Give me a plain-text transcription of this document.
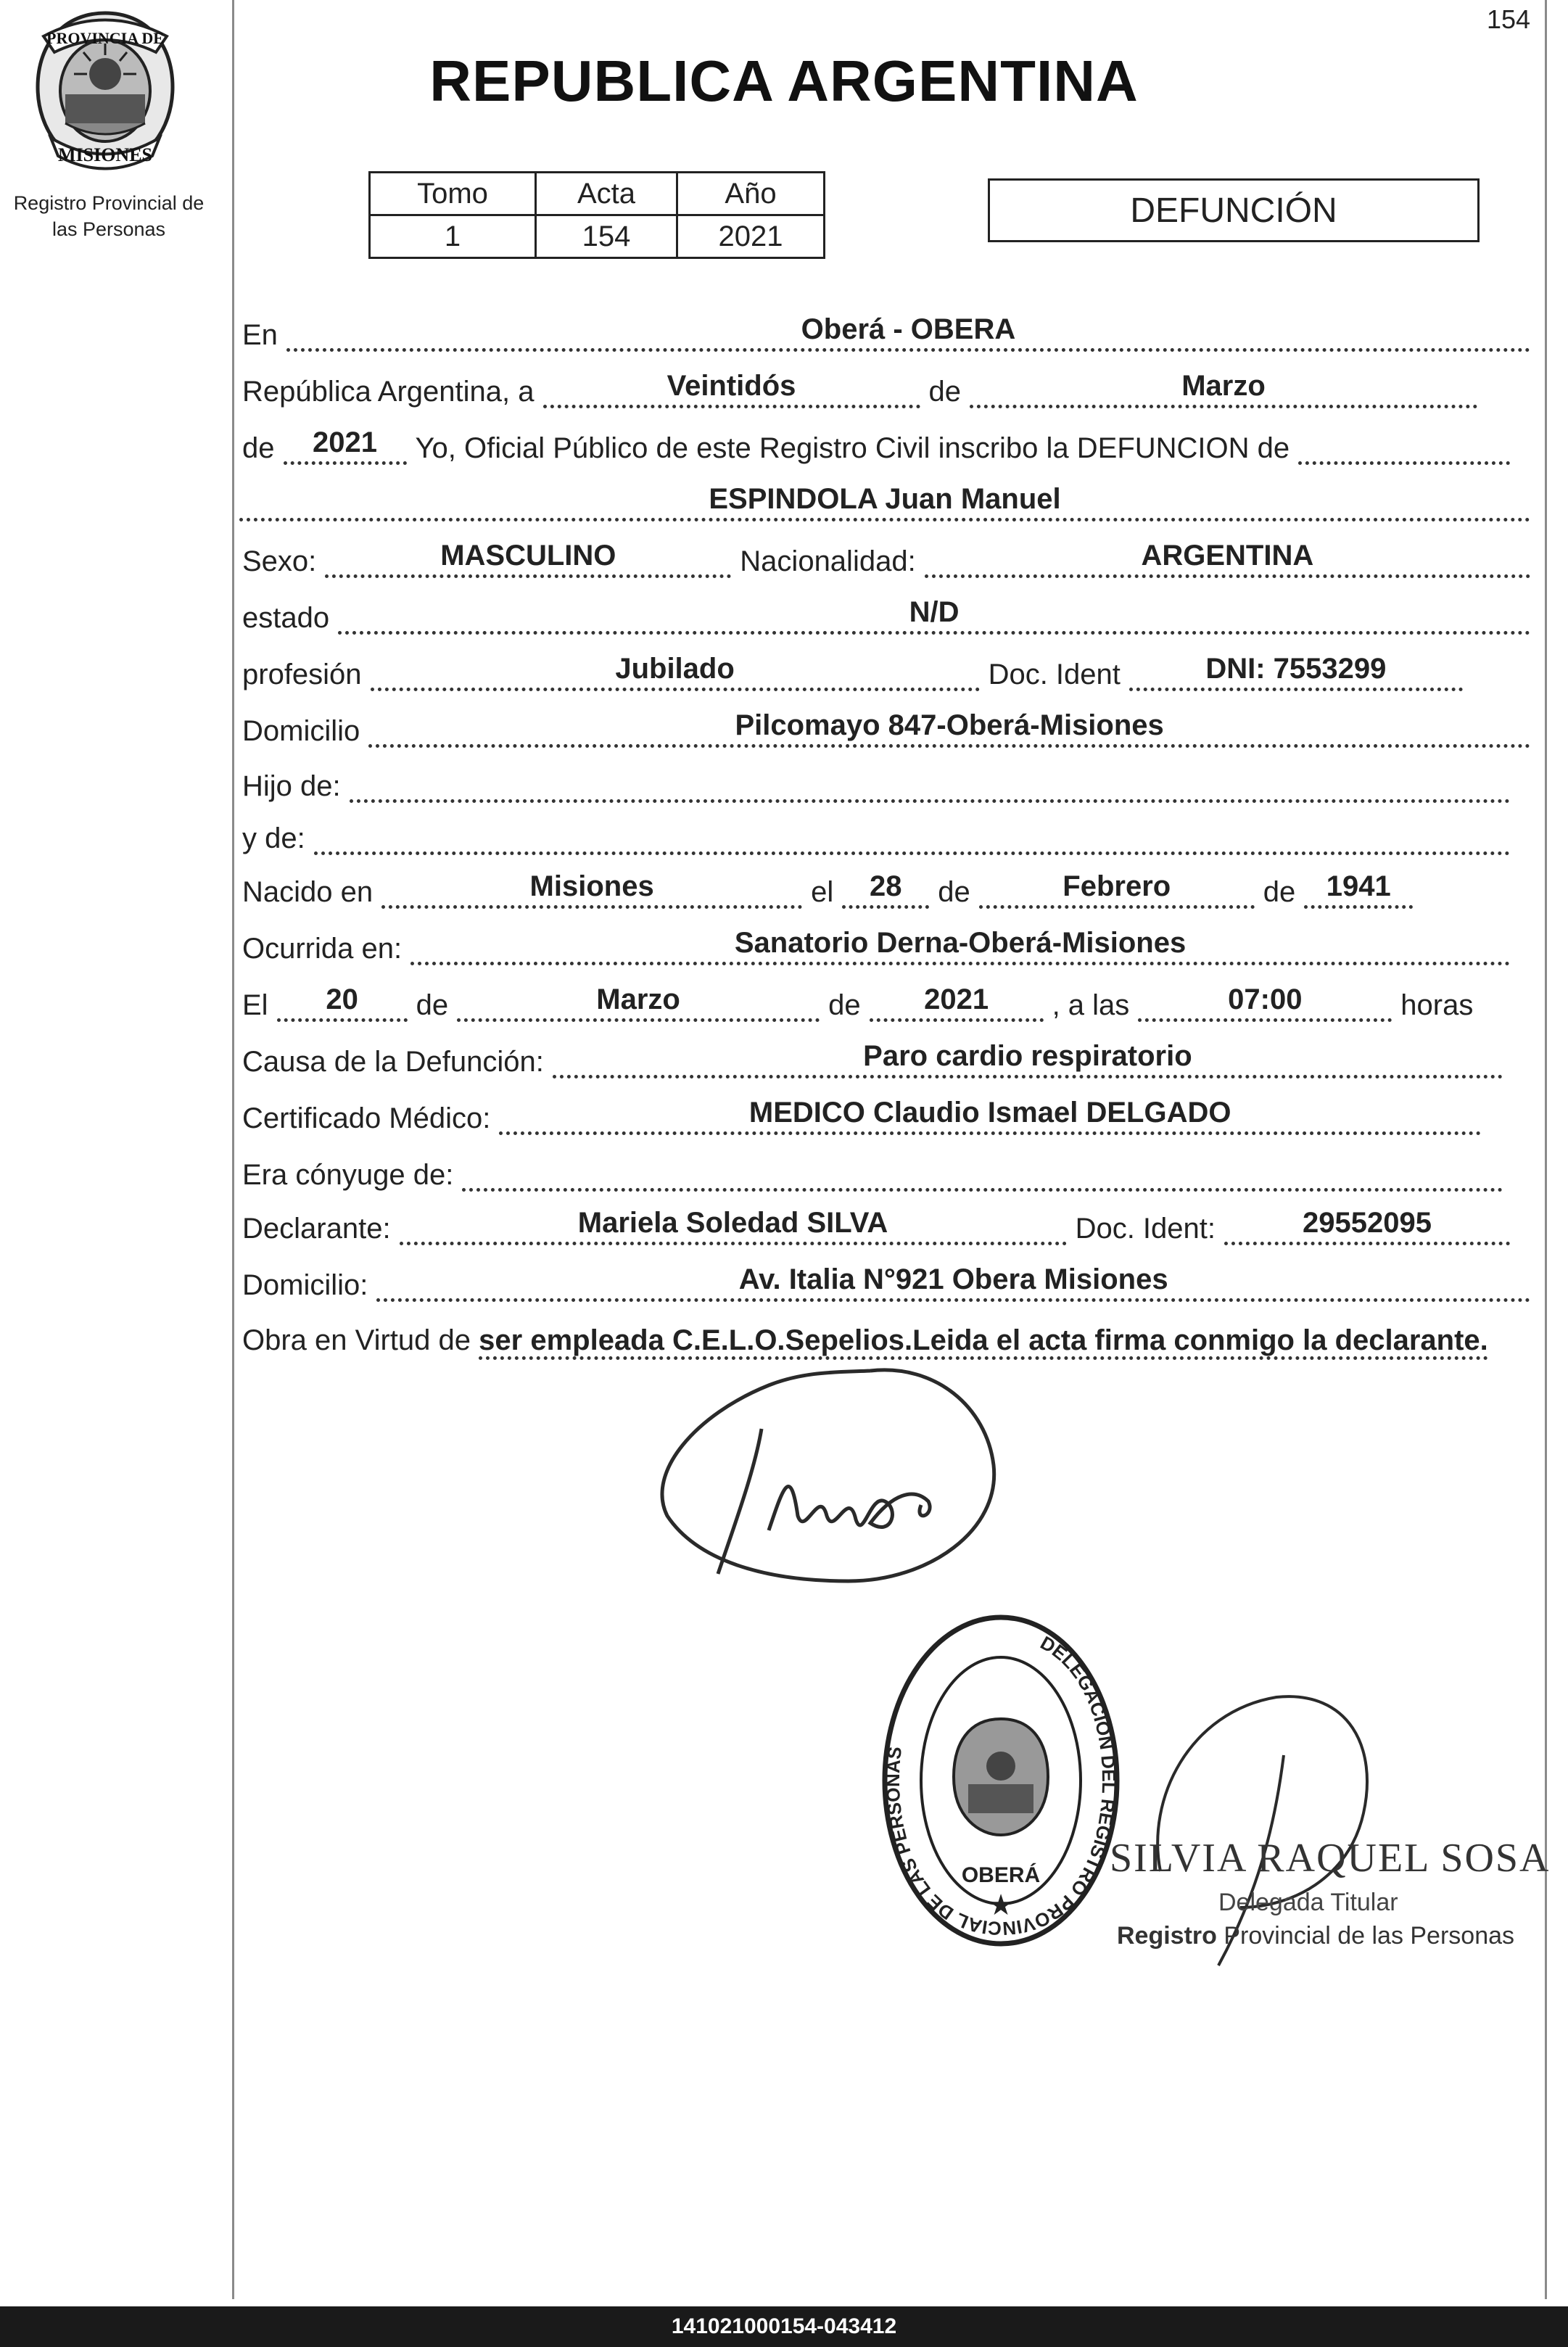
154
PROVINCIA DE
MISIONES
Registro Provincial de
las Personas
REPUBLICA ARGENTINA
Tomo	Acta	Año
1	154	2021
DEFUNCIÓN
En	Oberá - OBERA
República Argentina, a	Veintidós	de	Marzo
de	2021	Yo, Oficial Público de este Registro Civil inscribo la DEFUNCION de
ESPINDOLA Juan Manuel
Sexo:	MASCULINO	Nacionalidad:	ARGENTINA
estado	N/D
profesión	Jubilado	Doc. Ident	DNI: 7553299
Domicilio	Pilcomayo 847-Oberá-Misiones
Hijo de:
y de:
Nacido en	Misiones	el	28	de	Febrero	de	1941
Ocurrida en:	Sanatorio Derna-Oberá-Misiones
El	20	de	Marzo	de	2021	, a las	07:00	horas
Causa de la Defunción:	Paro cardio respiratorio
Certificado Médico:	MEDICO Claudio Ismael DELGADO
Era cónyuge de:
Declarante:	Mariela Soledad SILVA	Doc. Ident:	29552095
Domicilio:	Av. Italia N°921 Obera Misiones
Obra en Virtud de ser empleada C.E.L.O.Sepelios.Leida el acta firma conmigo la declarante.
DELEGACION DEL REGISTRO PROVINCIAL DE LAS PERSONAS
OBERÁ
★
SILVIA RAQUEL SOSA
Delegada Titular
Registro Provincial de las Personas
141021000154-043412
